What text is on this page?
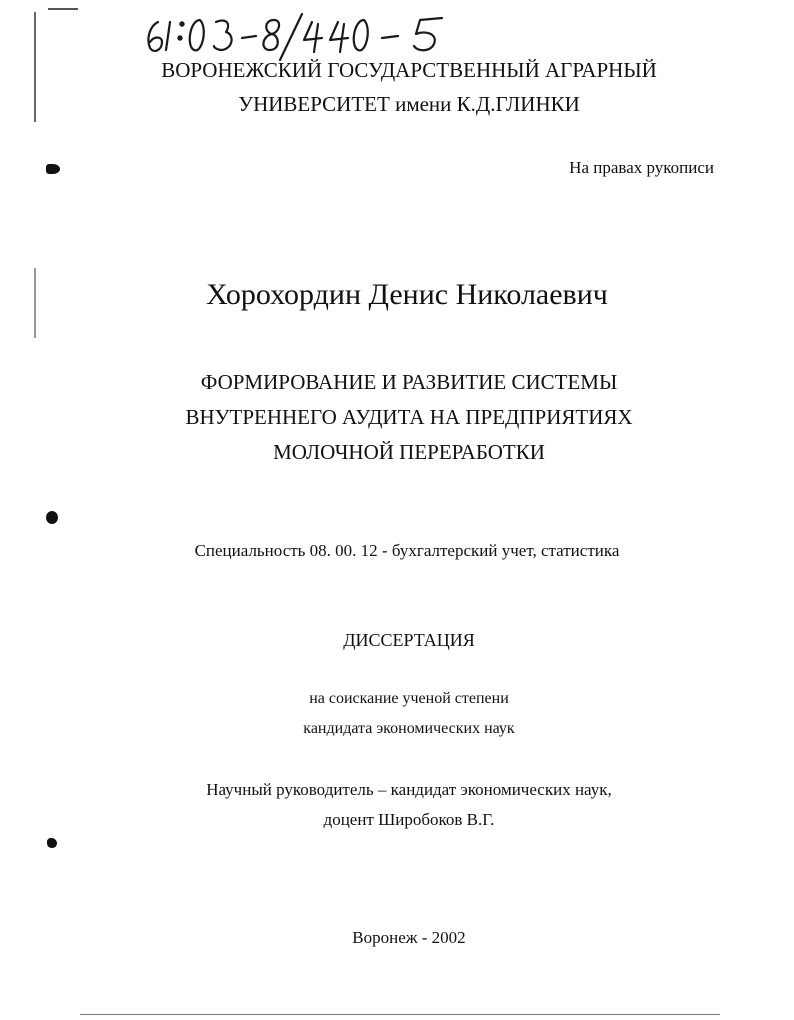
ВОРОНЕЖСКИЙ ГОСУДАРСТВЕННЫЙ АГРАРНЫЙ
УНИВЕРСИТЕТ имени К.Д.ГЛИНКИ
На правах рукописи
Хорохордин Денис Николаевич
ФОРМИРОВАНИЕ И РАЗВИТИЕ СИСТЕМЫ
ВНУТРЕННЕГО АУДИТА НА ПРЕДПРИЯТИЯХ
МОЛОЧНОЙ ПЕРЕРАБОТКИ
Специальность 08. 00. 12 - бухгалтерский учет, статистика
ДИССЕРТАЦИЯ
на соискание ученой степени
кандидата экономических наук
Научный руководитель – кандидат экономических наук,
доцент Широбоков В.Г.
Воронеж - 2002
